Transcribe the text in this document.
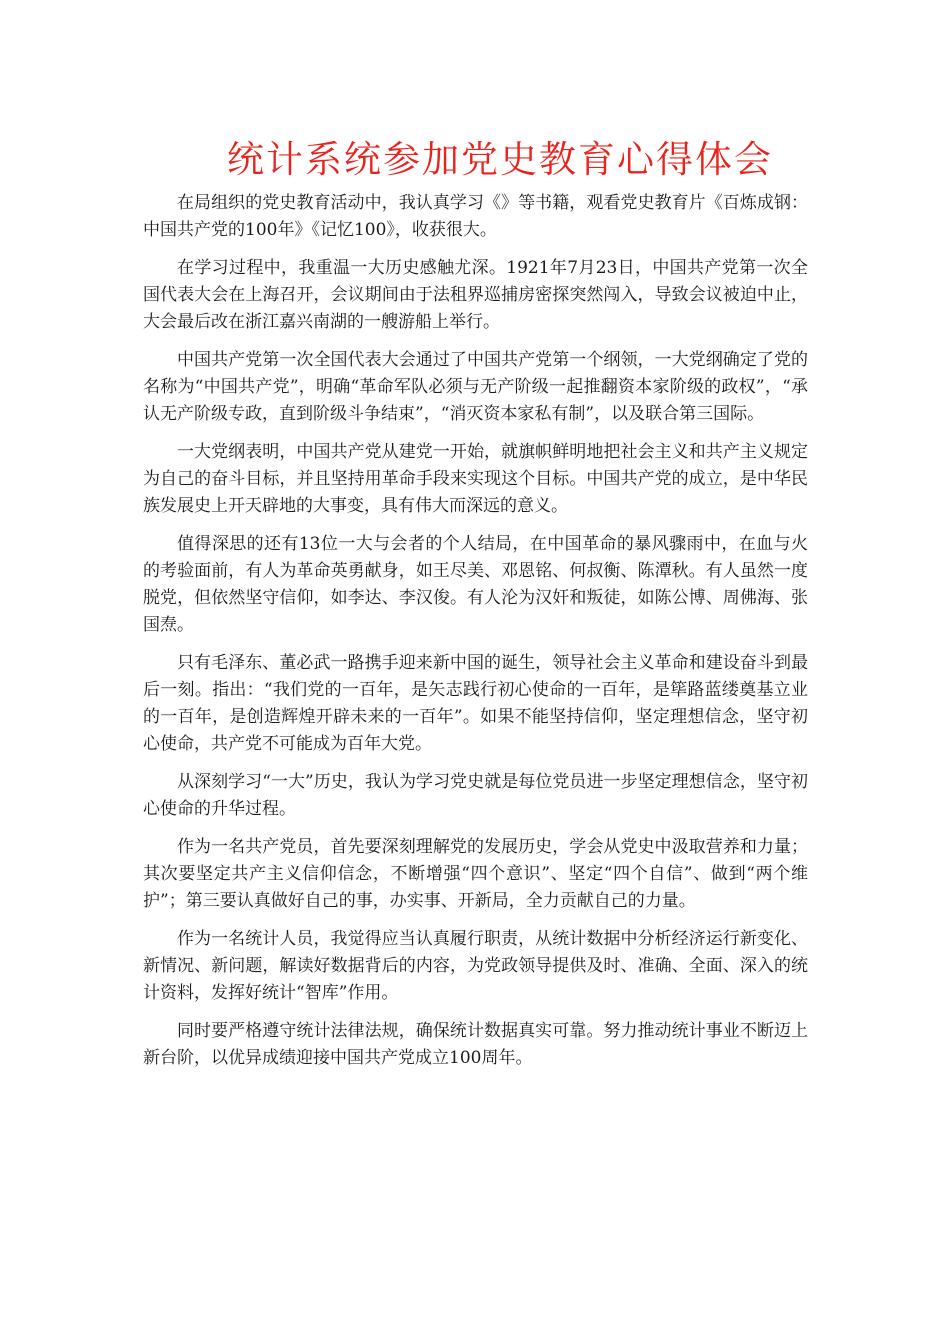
统计系统参加党史教育心得体会

在局组织的党史教育活动中，我认真学习《》等书籍，观看党史教育片《百炼成钢：中国共产党的100年》《记忆100》，收获很大。

在学习过程中，我重温一大历史感触尤深。1921年7月23日，中国共产党第一次全国代表大会在上海召开，会议期间由于法租界巡捕房密探突然闯入，导致会议被迫中止，大会最后改在浙江嘉兴南湖的一艘游船上举行。

中国共产党第一次全国代表大会通过了中国共产党第一个纲领，一大党纲确定了党的名称为“中国共产党”，明确“革命军队必须与无产阶级一起推翻资本家阶级的政权”，“承认无产阶级专政，直到阶级斗争结束”，“消灭资本家私有制”，以及联合第三国际。

一大党纲表明，中国共产党从建党一开始，就旗帜鲜明地把社会主义和共产主义规定为自己的奋斗目标，并且坚持用革命手段来实现这个目标。中国共产党的成立，是中华民族发展史上开天辟地的大事变，具有伟大而深远的意义。

值得深思的还有13位一大与会者的个人结局，在中国革命的暴风骤雨中，在血与火的考验面前，有人为革命英勇献身，如王尽美、邓恩铭、何叔衡、陈潭秋。有人虽然一度脱党，但依然坚守信仰，如李达、李汉俊。有人沦为汉奸和叛徒，如陈公博、周佛海、张国焘。

只有毛泽东、董必武一路携手迎来新中国的诞生，领导社会主义革命和建设奋斗到最后一刻。指出：“我们党的一百年，是矢志践行初心使命的一百年，是筚路蓝缕奠基立业的一百年，是创造辉煌开辟未来的一百年”。如果不能坚持信仰，坚定理想信念，坚守初心使命，共产党不可能成为百年大党。

从深刻学习“一大”历史，我认为学习党史就是每位党员进一步坚定理想信念，坚守初心使命的升华过程。

作为一名共产党员，首先要深刻理解党的发展历史，学会从党史中汲取营养和力量；其次要坚定共产主义信仰信念，不断增强“四个意识”、坚定“四个自信”、做到“两个维护”；第三要认真做好自己的事，办实事、开新局，全力贡献自己的力量。

作为一名统计人员，我觉得应当认真履行职责，从统计数据中分析经济运行新变化、新情况、新问题，解读好数据背后的内容，为党政领导提供及时、准确、全面、深入的统计资料，发挥好统计“智库”作用。

同时要严格遵守统计法律法规，确保统计数据真实可靠。努力推动统计事业不断迈上新台阶，以优异成绩迎接中国共产党成立100周年。
